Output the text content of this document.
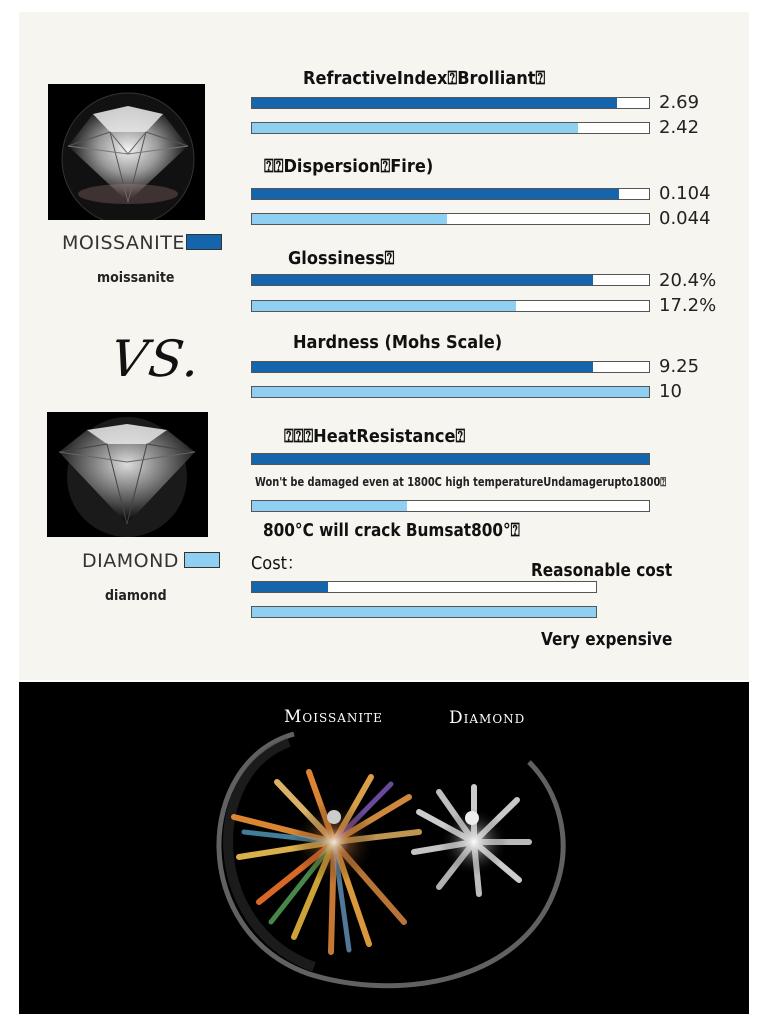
MOISSANITE
moissanite
VS.
DIAMOND
diamond
RefractiveIndex⍰Brolliant⍰
⍰⍰Dispersion⍰Fire)
Glossiness⍰
Hardness (Mohs Scale)
⍰⍰⍰HeatResistance⍰
Cost：
2.69
2.42
0.104
0.044
20.4%
17.2%
9.25
10
Won't be damaged even at 1800C high temperatureUndamagerupto1800⍰
800°C will crack Bumsat800°⍰
Reasonable cost
Very expensive
Moissanite	Diamond
